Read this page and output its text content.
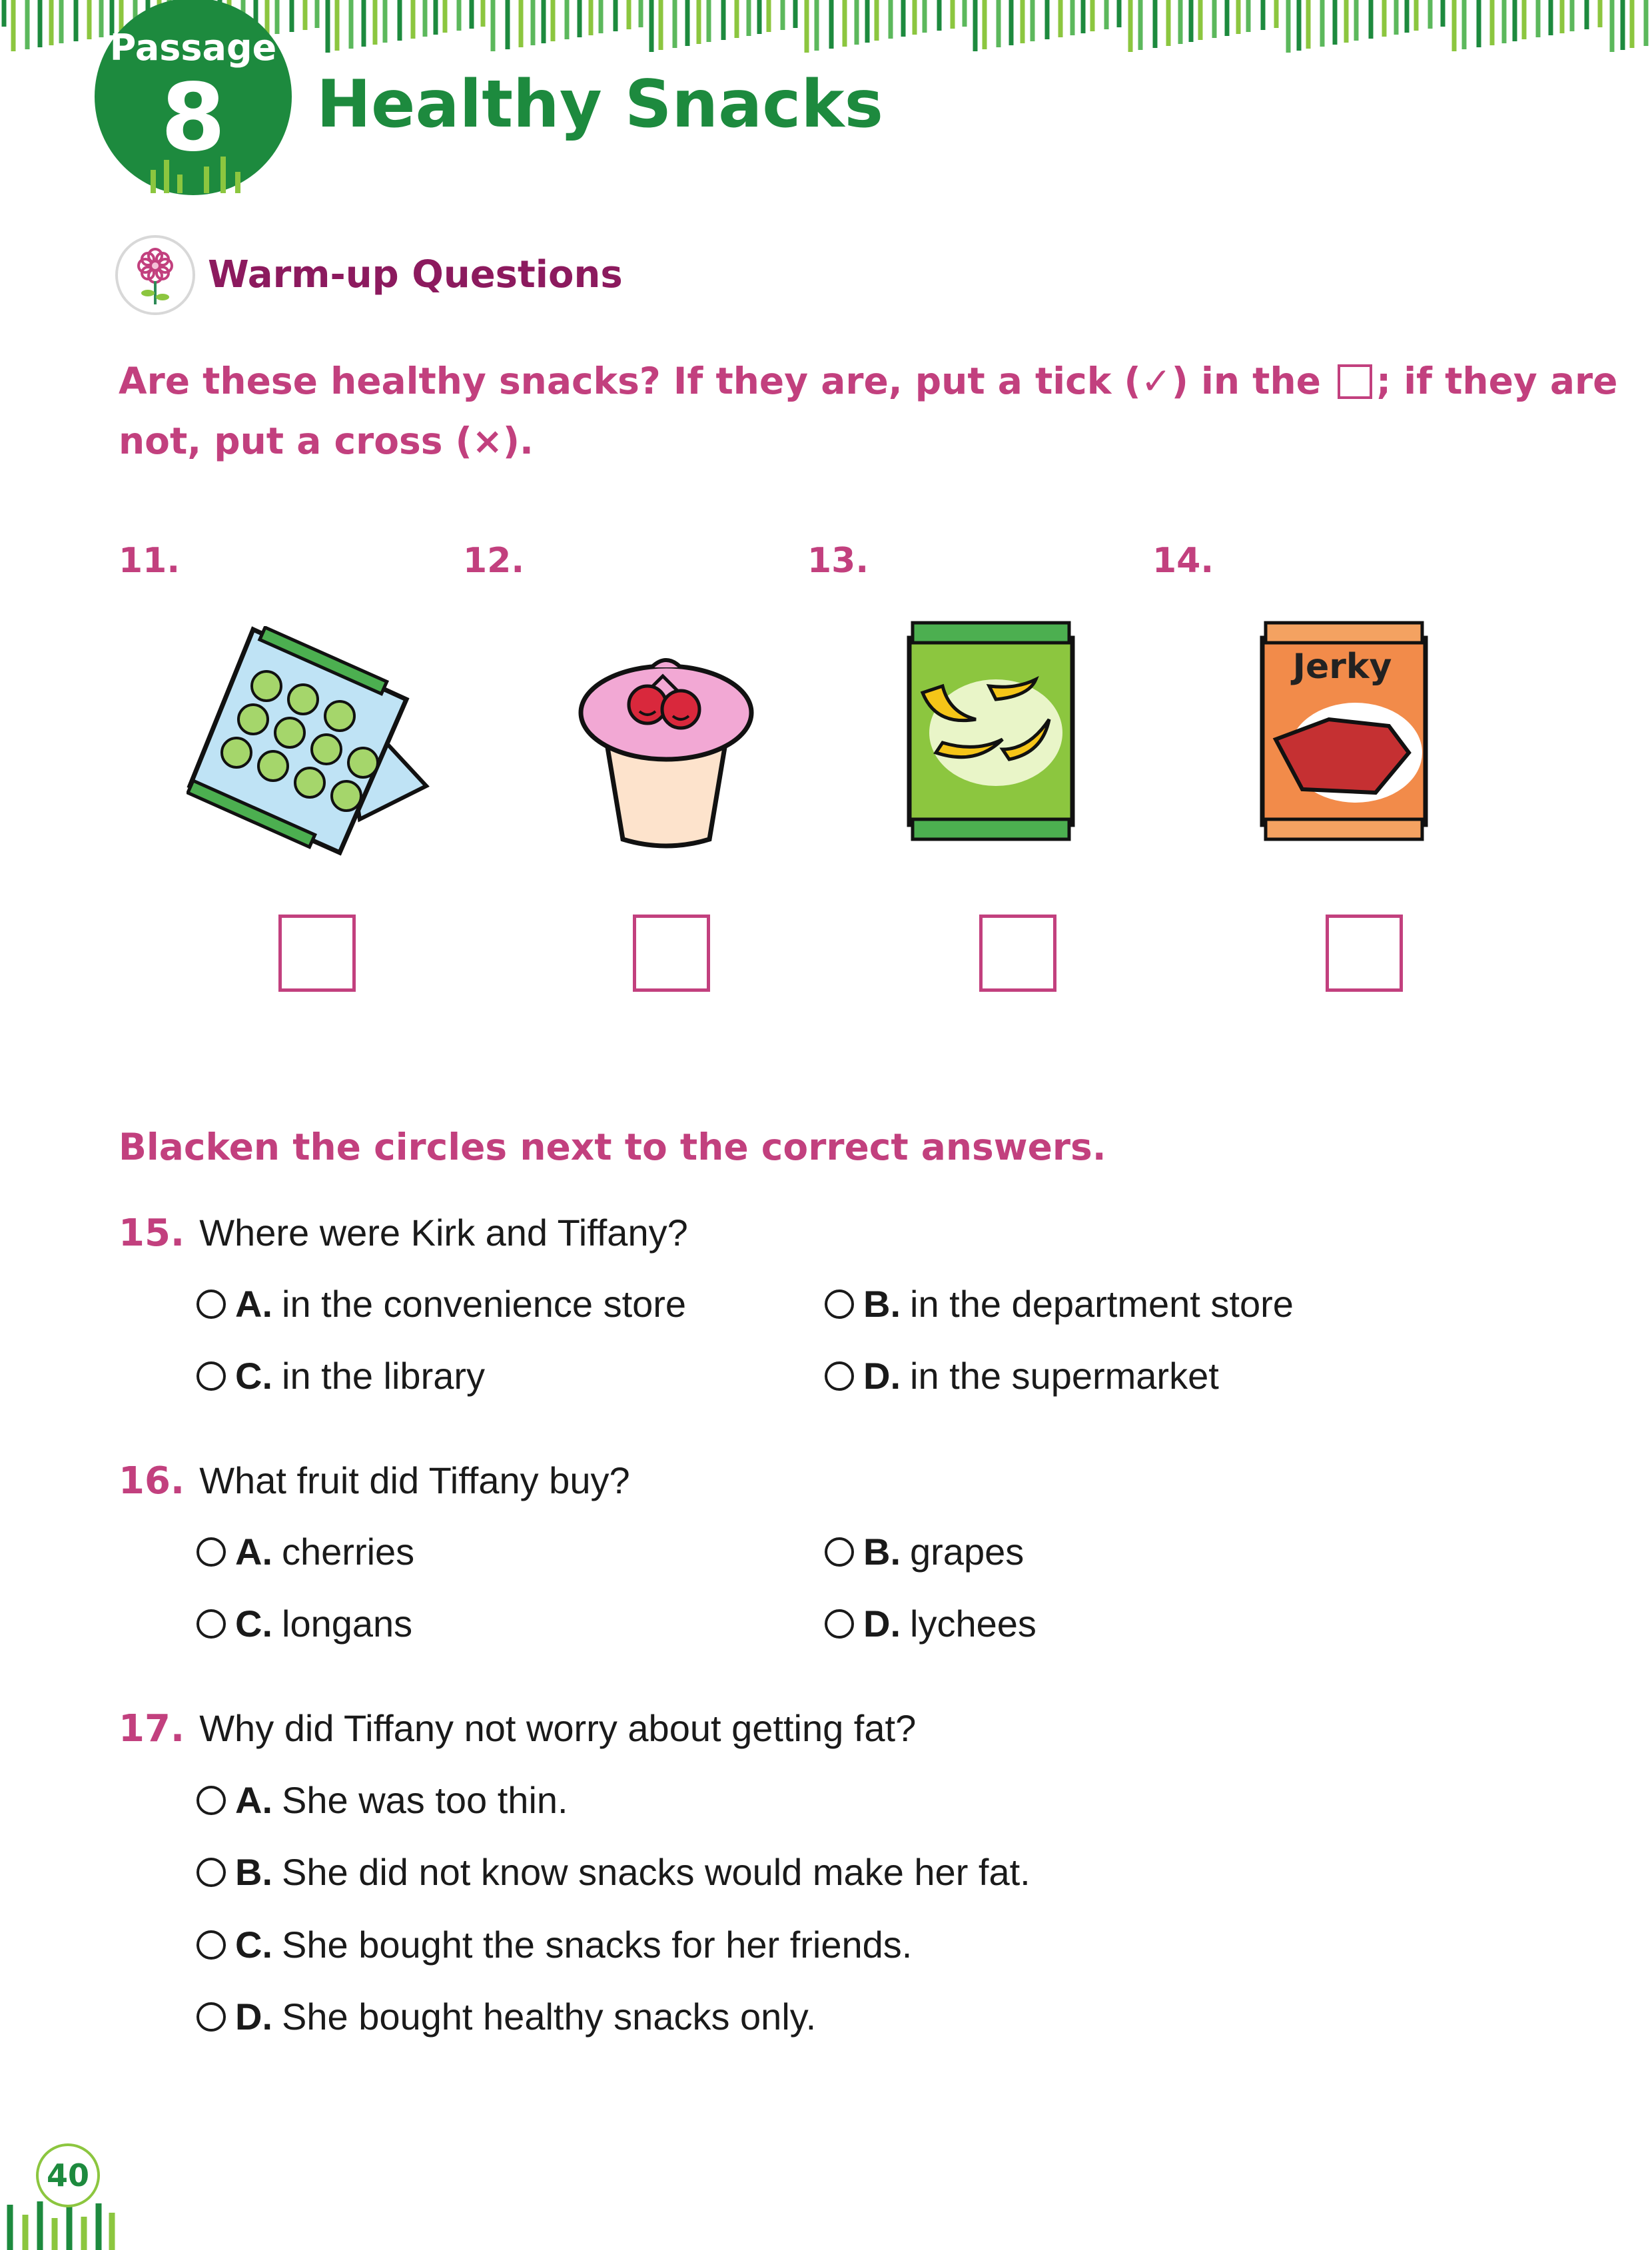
Passage
8	Healthy Snacks
Warm-up Questions
Are these healthy snacks? If they are, put a tick (✓) in the ; if they are
not, put a cross (×).
11.	12.	13.	14.
Jerky
Blacken the circles next to the correct answers.
15. Where were Kirk and Tiffany?
A. in the convenience store	B. in the department store
C. in the library	D. in the supermarket
16. What fruit did Tiffany buy?
A. cherries	B. grapes
C. longans	D. lychees
17. Why did Tiffany not worry about getting fat?
A. She was too thin.
B. She did not know snacks would make her fat.
C. She bought the snacks for her friends.
D. She bought healthy snacks only.
40
